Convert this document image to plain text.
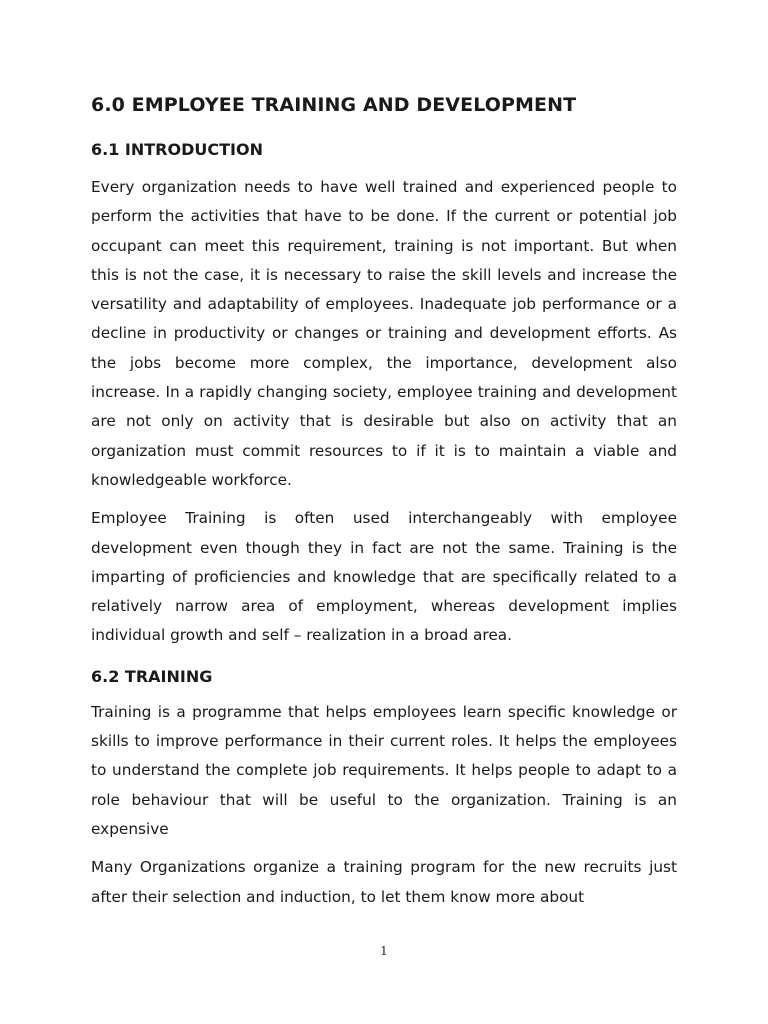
6.0 EMPLOYEE TRAINING AND DEVELOPMENT
6.1 INTRODUCTION

Every organization needs to have well trained and experienced people to perform the activities that have to be done. If the current or potential job occupant can meet this requirement, training is not important. But when this is not the case, it is necessary to raise the skill levels and increase the versatility and adaptability of employees. Inadequate job performance or a decline in productivity or changes or training and development efforts. As the jobs become more complex, the importance, development also increase. In a rapidly changing society, employee training and development are not only on activity that is desirable but also on activity that an organization must commit resources to if it is to maintain a viable and knowledgeable workforce.

Employee Training is often used interchangeably with employee development even though they in fact are not the same. Training is the imparting of proficiencies and knowledge that are specifically related to a relatively narrow area of employment, whereas development implies individual growth and self – realization in a broad area.

6.2 TRAINING

Training is a programme that helps employees learn specific knowledge or skills to improve performance in their current roles. It helps the employees to understand the complete job requirements. It helps people to adapt to a role behaviour that will be useful to the organization. Training is an expensive

Many Organizations organize a training program for the new recruits just after their selection and induction, to let them know more about

1
